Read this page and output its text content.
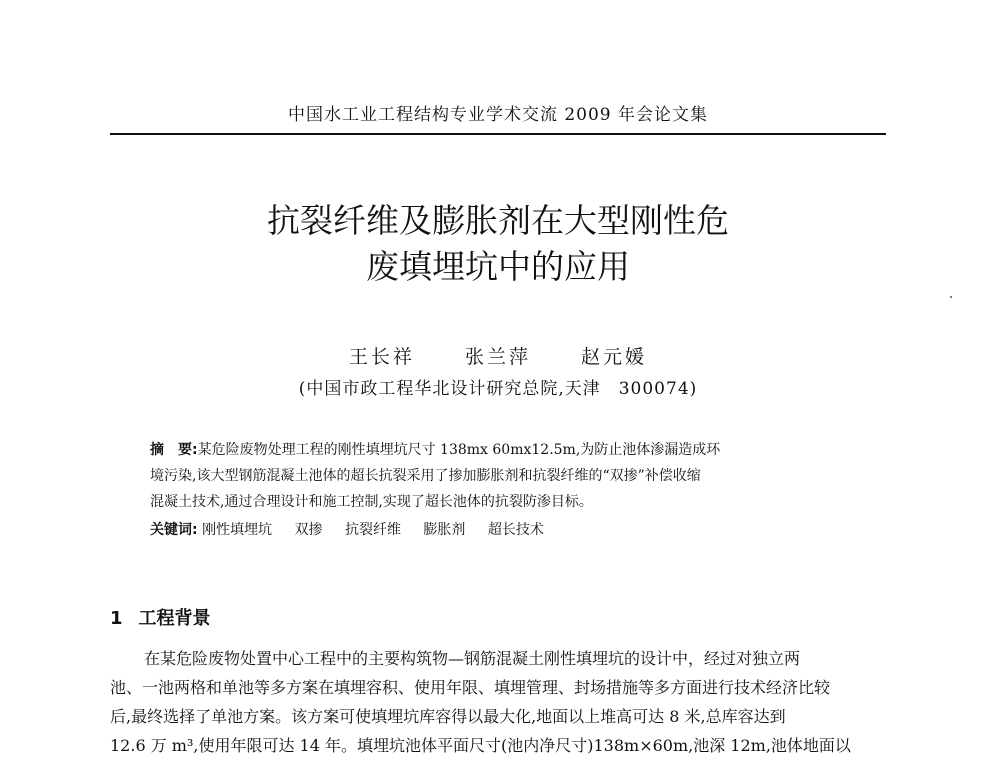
中国水工业工程结构专业学术交流 2009 年会论文集
抗裂纤维及膨胀剂在大型刚性危
废填埋坑中的应用
王长祥	张兰萍	赵元媛
(中国市政工程华北设计研究总院,天津　300074)
摘　要:某危险废物处理工程的刚性填埋坑尺寸 138mx 60mx12.5m,为防止池体渗漏造成环
境污染,该大型钢筋混凝土池体的超长抗裂采用了掺加膨胀剂和抗裂纤维的“双掺”补偿收缩
混凝土技术,通过合理设计和施工控制,实现了超长池体的抗裂防渗目标。
关键词: 刚性填埋坑 双掺 抗裂纤维 膨胀剂 超长技术
1 工程背景
在某危险废物处置中心工程中的主要构筑物—钢筋混凝土刚性填埋坑的设计中，经过对独立两
池、一池两格和单池等多方案在填埋容积、使用年限、填埋管理、封场措施等多方面进行技术经济比较
后,最终选择了单池方案。该方案可使填埋坑库容得以最大化,地面以上堆高可达 8 米,总库容达到
12.6 万 m³,使用年限可达 14 年。填埋坑池体平面尺寸(池内净尺寸)138m×60m,池深 12m,池体地面以
